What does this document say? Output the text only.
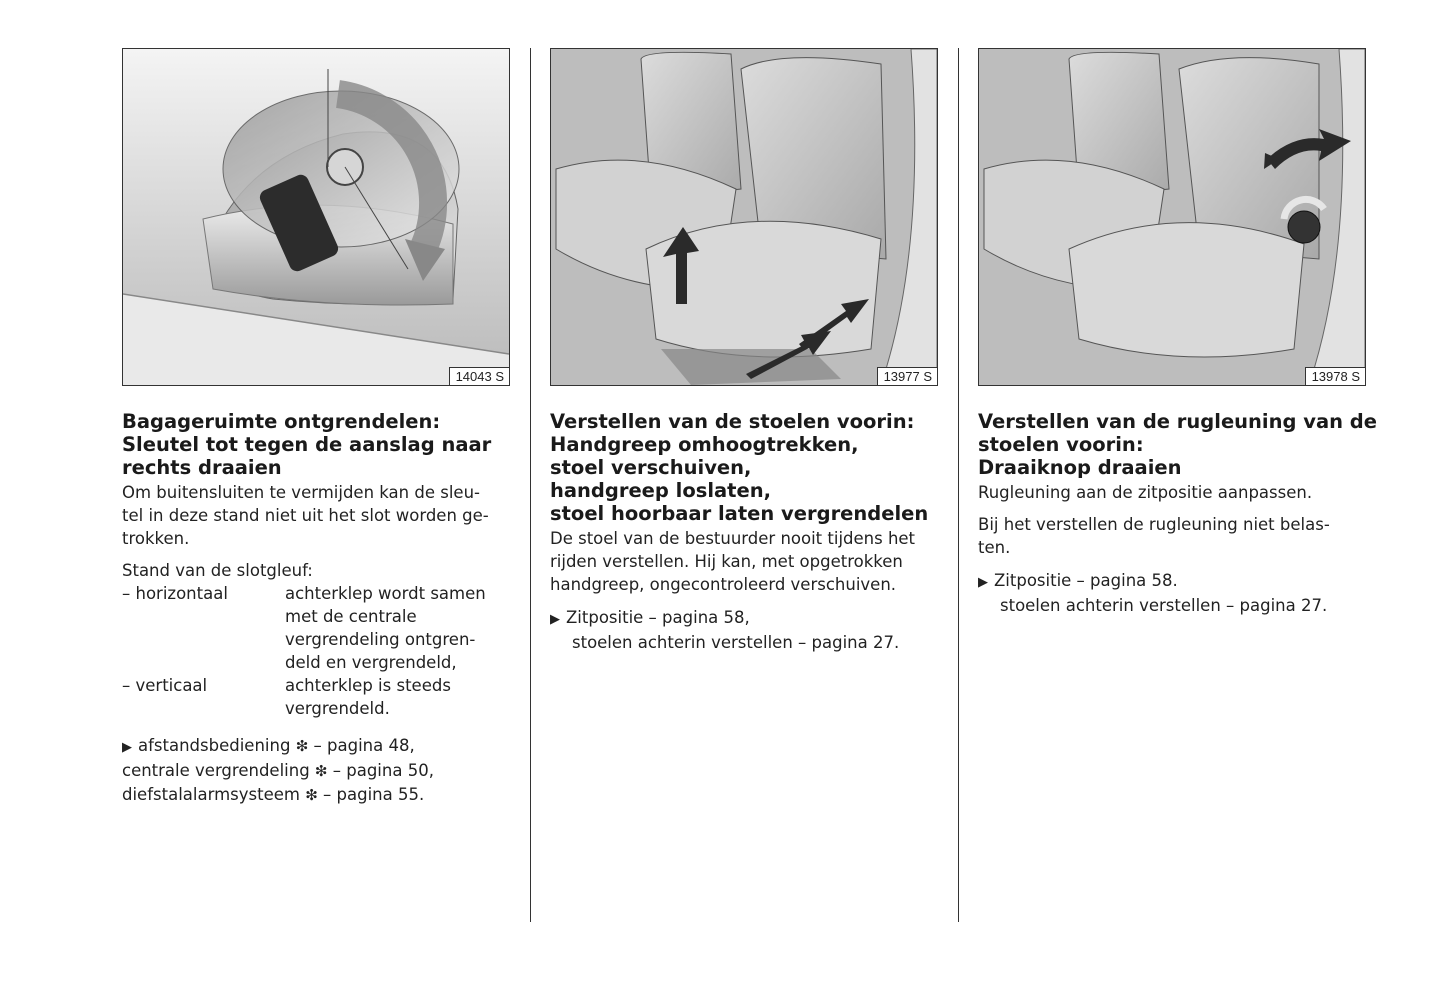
14043 S
Bagageruimte ontgrendelen:
Sleutel tot tegen de aanslag naar
rechts draaien
Om buitensluiten te vermijden kan de sleu-
tel in deze stand niet uit het slot worden ge-
trokken.
Stand van de slotgleuf:
– horizontaal	achterklep wordt samen
met de centrale
vergrendeling ontgren-
deld en vergrendeld,
– verticaal	achterklep is steeds
vergrendeld.
▶ afstandsbediening ❇ – pagina 48,
centrale vergrendeling ❇ – pagina 50,
diefstalalarmsysteem ❇ – pagina 55.
13977 S
Verstellen van de stoelen voorin:
Handgreep omhoogtrekken,
stoel verschuiven,
handgreep loslaten,
stoel hoorbaar laten vergrendelen
De stoel van de bestuurder nooit tijdens het
rijden verstellen. Hij kan, met opgetrokken
handgreep, ongecontroleerd verschuiven.
▶ Zitpositie – pagina 58,
stoelen achterin verstellen – pagina 27.
13978 S
Verstellen van de rugleuning van de
stoelen voorin:
Draaiknop draaien
Rugleuning aan de zitpositie aanpassen.
Bij het verstellen de rugleuning niet belas-
ten.
▶ Zitpositie – pagina 58.
stoelen achterin verstellen – pagina 27.
